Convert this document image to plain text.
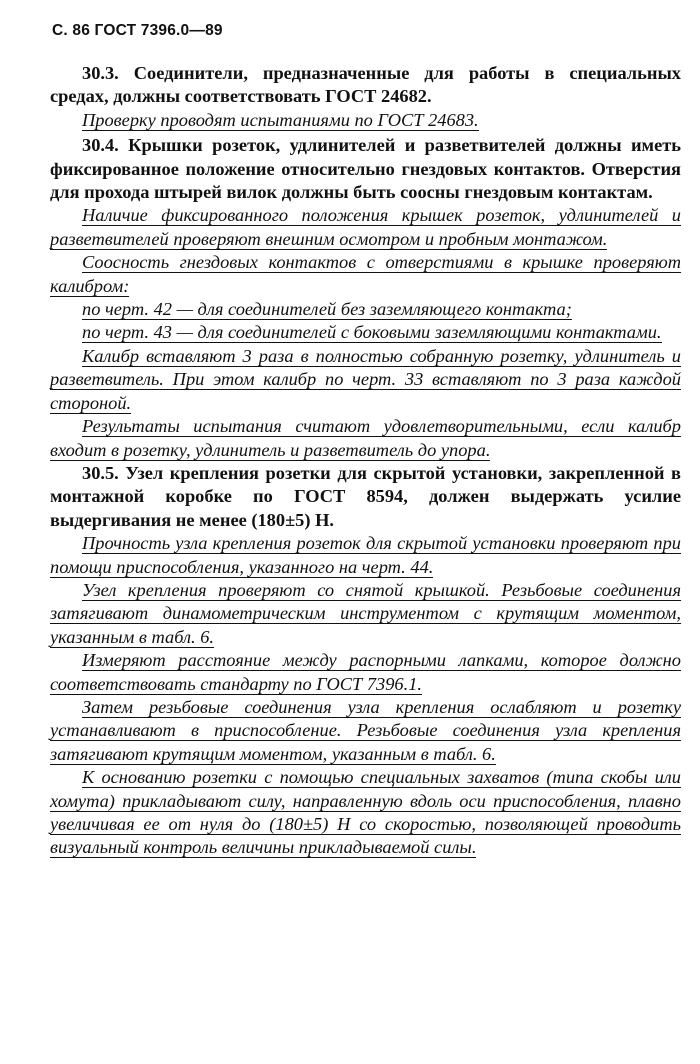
С. 86 ГОСТ 7396.0—89

30.3. Соединители, предназначенные для работы в специальных средах, должны соответствовать ГОСТ 24682.

Проверку проводят испытаниями по ГОСТ 24683.

30.4. Крышки розеток, удлинителей и разветвителей должны иметь фиксированное положение относительно гнездовых контактов. Отверстия для прохода штырей вилок должны быть соосны гнездовым контактам.

Наличие фиксированного положения крышек розеток, удлинителей и разветвителей проверяют внешним осмотром и пробным монтажом.

Соосность гнездовых контактов с отверстиями в крышке проверяют калибром:

по черт. 42 — для соединителей без заземляющего контакта;

по черт. 43 — для соединителей с боковыми заземляющими контактами.

Калибр вставляют 3 раза в полностью собранную розетку, удлинитель и разветвитель. При этом калибр по черт. 33 вставляют по 3 раза каждой стороной.

Результаты испытания считают удовлетворительными, если калибр входит в розетку, удлинитель и разветвитель до упора.

30.5. Узел крепления розетки для скрытой установки, закрепленной в монтажной коробке по ГОСТ 8594, должен выдержать усилие выдергивания не менее (180±5) Н.

Прочность узла крепления розеток для скрытой установки проверяют при помощи приспособления, указанного на черт. 44.

Узел крепления проверяют со снятой крышкой. Резьбовые соединения затягивают динамометрическим инструментом с крутящим моментом, указанным в табл. 6.

Измеряют расстояние между распорными лапками, которое должно соответствовать стандарту по ГОСТ 7396.1.

Затем резьбовые соединения узла крепления ослабляют и розетку устанавливают в приспособление. Резьбовые соединения узла крепления затягивают крутящим моментом, указанным в табл. 6.

К основанию розетки с помощью специальных захватов (типа скобы или хомута) прикладывают силу, направленную вдоль оси приспособления, плавно увеличивая ее от нуля до (180±5) Н со скоростью, позволяющей проводить визуальный контроль величины прикладываемой силы.
